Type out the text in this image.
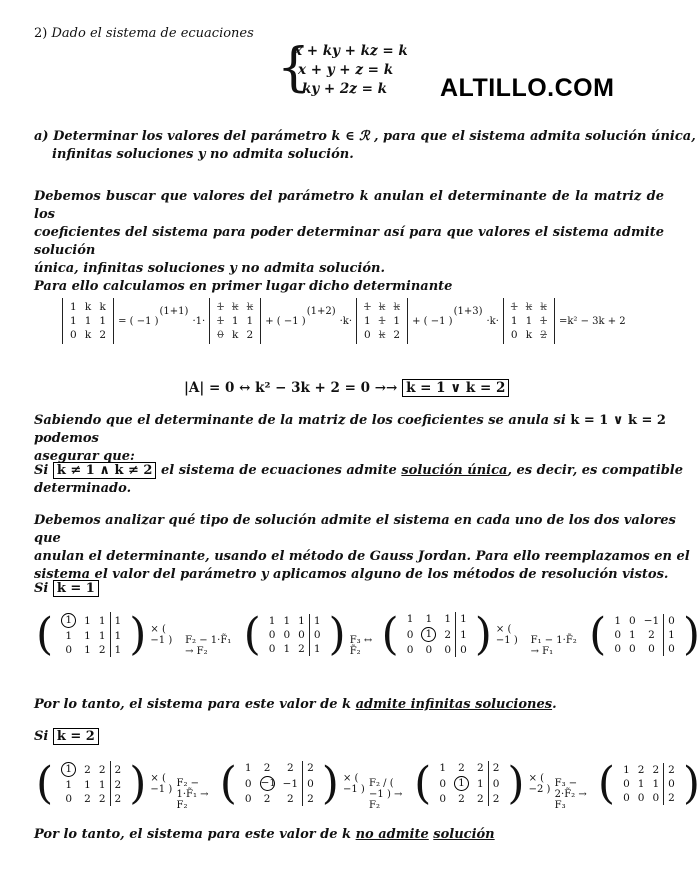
2) Dado el sistema de ecuaciones
{
x + ky + kz = k
x + y + z = k
ky + 2z = k	ALTILLO.COM
a) Determinar los valores del parámetro k ∈ ℛ , para que el sistema admita solución única,
infinitas soluciones y no admita solución.
Debemos buscar que valores del parámetro k anulan el determinante de la matriz de los
coeficientes del sistema para poder determinar así para que valores el sistema admite solución
única, infinitas soluciones y no admita solución.
Para ello calculamos en primer lugar dicho determinante
1	k	k
1	1	1
0	k	2
= ( −1 )
$^{(1+1)}$
·1·
1	k	k
1	1	1
0	k	2
+ ( −1 )
$^{(1+2)}$
·k·
1	k	k
1	1	1
0	k	2
+ ( −1 )
$^{(1+3)}$
·k·
1	k	k
1	1	1
0	k	2
=k² − 3k + 2
|A| = 0 ↔ k² − 3k + 2 = 0 →→ k = 1 ∨ k = 2
Sabiendo que el determinante de la matriz de los coeficientes se anula si k = 1 ∨ k = 2 podemos
asegurar que:
Si k ≠ 1 ∧ k ≠ 2 el sistema de ecuaciones admite solución única, es decir, es compatible
determinado.
Debemos analizar qué tipo de solución admite el sistema en cada uno de los dos valores que
anulan el determinante, usando el método de Gauss Jordan. Para ello reemplazamos en el
sistema el valor del parámetro y aplicamos alguno de los métodos de resolución vistos.
Si k = 1
( 1	1	1	1
1	1	1	1
0	1	2	1 ) × ( −1 )	F₂ − 1·F̃₁ → F₂ ( 1	1	1	1
0	0	0	0
0	1	2	1 ) F₃ ↔ F̃₂ ( 1	1	1	1
0	1	2	1
0	0	0	0 ) × ( −1 )	F₁ − 1·F̃₂ → F₁ ( 1	0	−1	0
0	1	2	1
0	0	0	0 )
Por lo tanto, el sistema para este valor de k admite infinitas soluciones.
Si k = 2
( 1	2	2	2
1	1	1	2
0	2	2	2 ) × ( −1 ) F₂ − 1·F̃₁ → F₂ ( 1	2	2	2
0	−1	−1	0
0	2	2	2 ) × ( −1 ) F₂ / ( −1 ) → F₂ ( 1	2	2	2
0	1	1	0
0	2	2	2 ) × ( −2 ) F₃ − 2·F̃₂ → F₃ ( 1	2	2	2
0	1	1	0
0	0	0	2 )
Por lo tanto, el sistema para este valor de k no admite solución
